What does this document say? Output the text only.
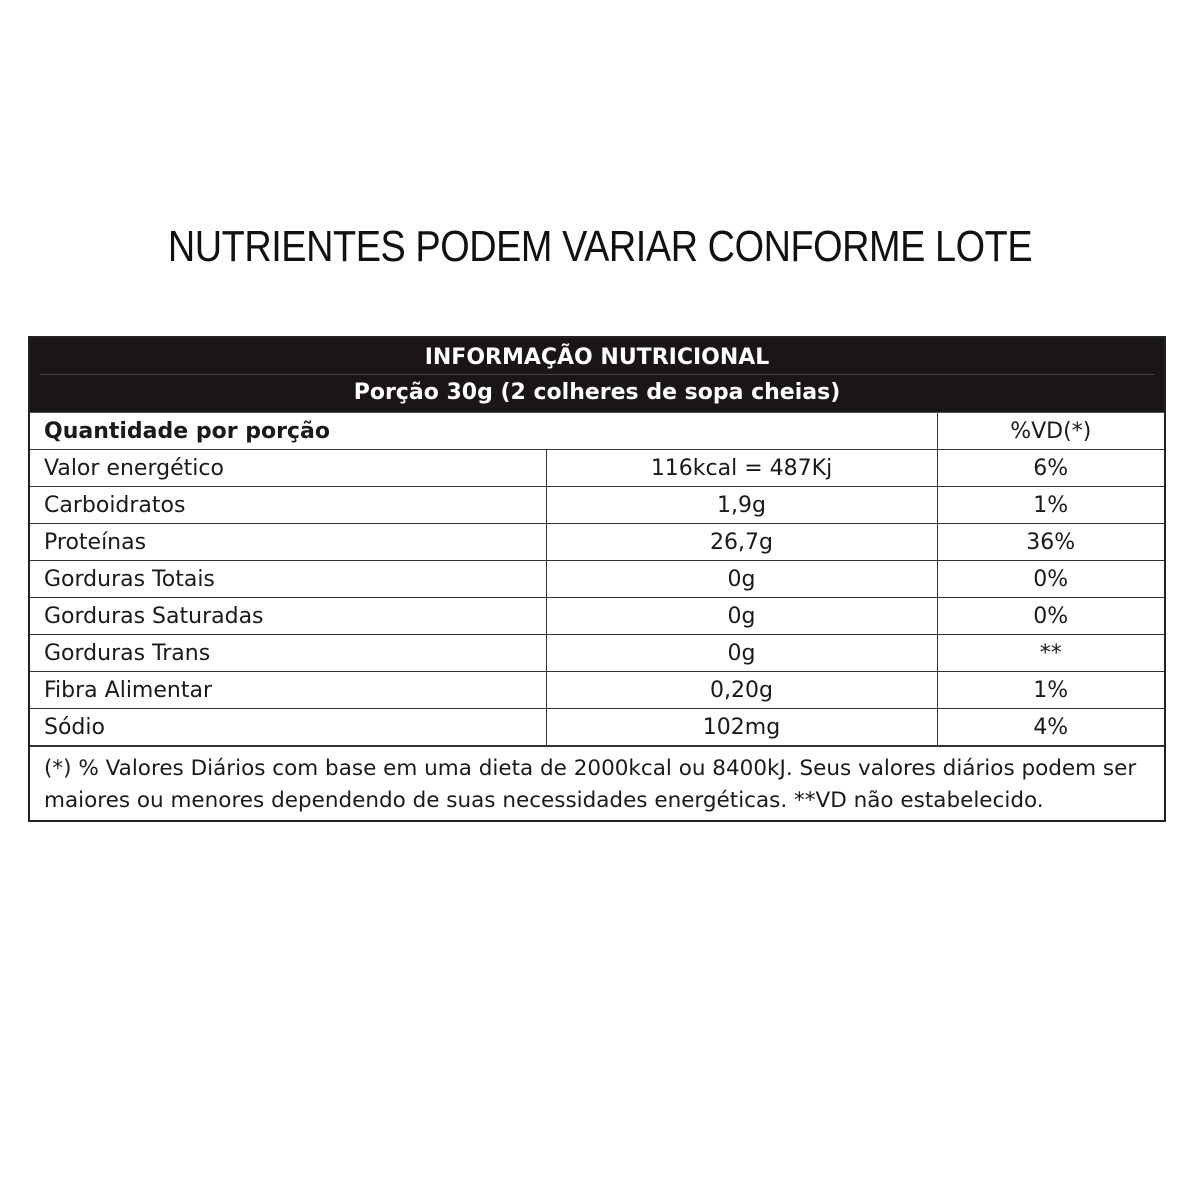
NUTRIENTES PODEM VARIAR CONFORME LOTE
INFORMAÇÃO NUTRICIONAL
Porção 30g (2 colheres de sopa cheias)
Quantidade por porção		%VD(*)
Valor energético	116kcal = 487Kj	6%
Carboidratos	1,9g	1%
Proteínas	26,7g	36%
Gorduras Totais	0g	0%
Gorduras Saturadas	0g	0%
Gorduras Trans	0g	**
Fibra Alimentar	0,20g	1%
Sódio	102mg	4%
(*) % Valores Diários com base em uma dieta de 2000kcal ou 8400kJ. Seus valores diários podem ser maiores ou menores dependendo de suas necessidades energéticas. **VD não estabelecido.
